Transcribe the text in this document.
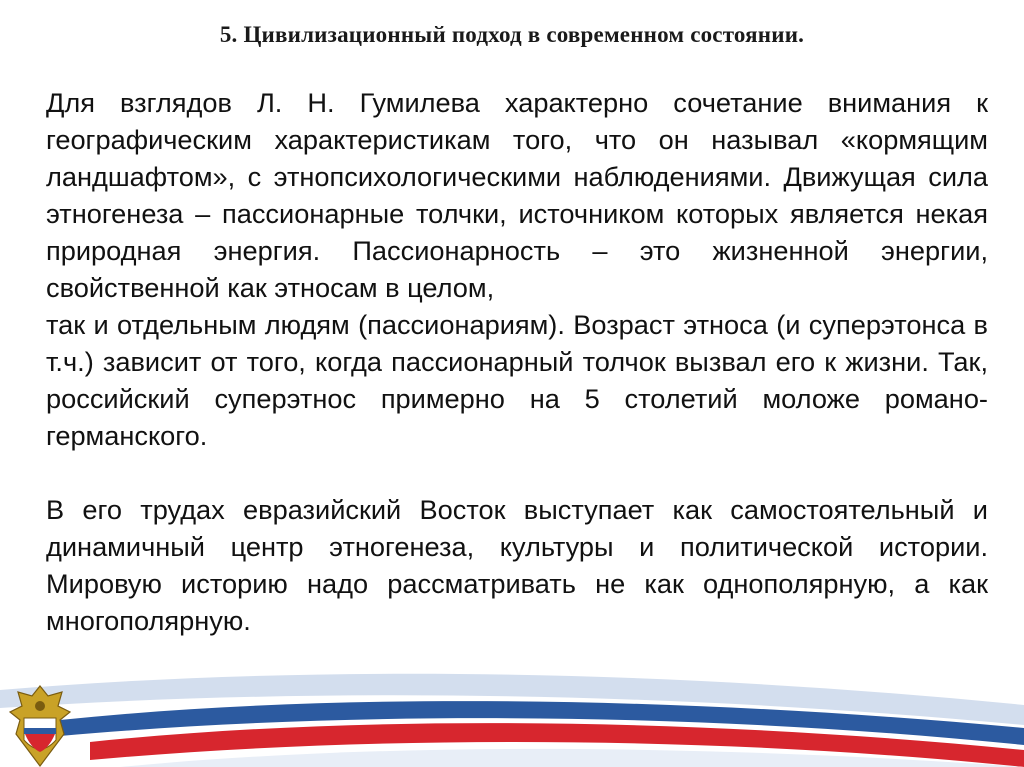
5. Цивилизационный подход в современном состоянии.

Для взглядов Л. Н. Гумилева характерно сочетание внимания к географическим характеристикам того, что он называл «кормящим ландшафтом», с этнопсихологическими наблюдениями. Движущая сила этногенеза – пассионарные толчки, источником которых является некая природная энергия. Пассионарность – это жизненной энергии, свойственной как этносам в целом,

так и отдельным людям (пассионариям). Возраст этноса (и суперэтонса в т.ч.) зависит от того, когда пассионарный толчок вызвал его к жизни. Так, российский суперэтнос примерно на 5 столетий моложе романо-германского.

В его трудах евразийский Восток выступает как самостоятельный и динамичный центр этногенеза, культуры и политической истории. Мировую историю надо рассматривать не как однополярную, а как многополярную.
